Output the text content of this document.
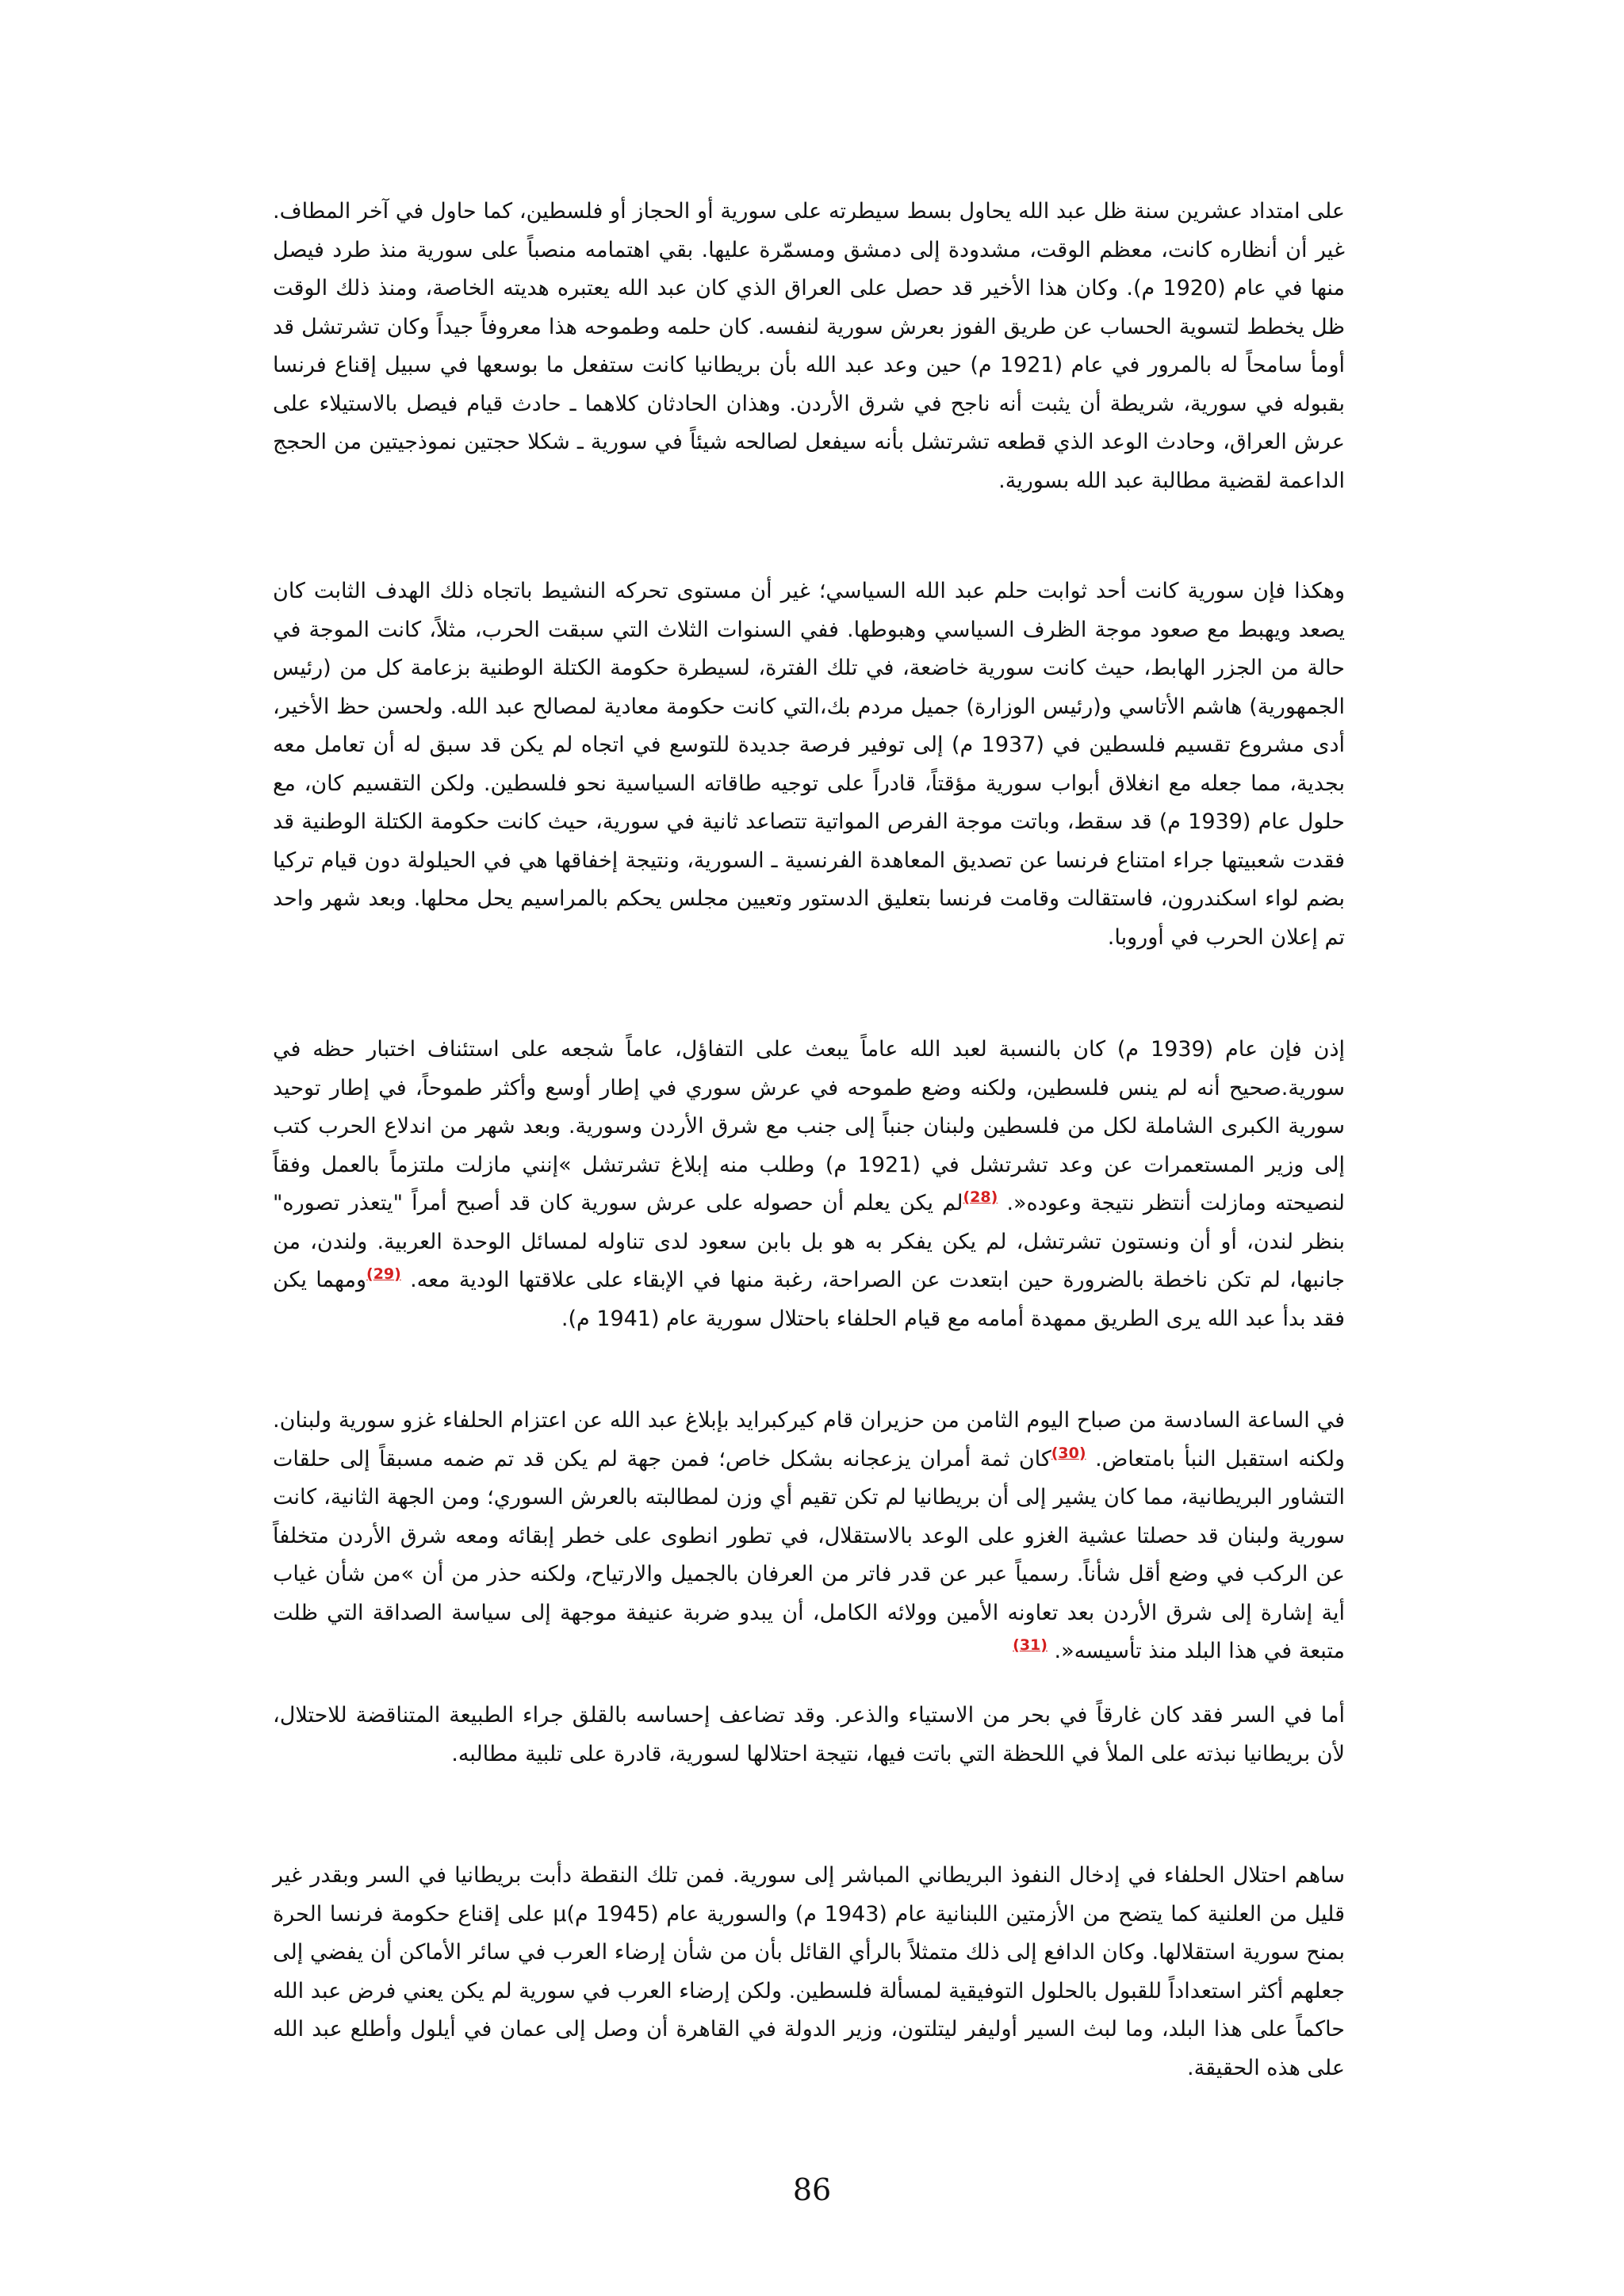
على امتداد عشرين سنة ظل عبد الله يحاول بسط سيطرته على سورية أو الحجاز أو فلسطين، كما حاول في آخر المطاف. غير أن أنظاره كانت، معظم الوقت، مشدودة إلى دمشق ومسمّرة عليها. بقي اهتمامه منصباً على سورية منذ طرد فيصل منها في عام (1920 م). وكان هذا الأخير قد حصل على العراق الذي كان عبد الله يعتبره هديته الخاصة، ومنذ ذلك الوقت ظل يخطط لتسوية الحساب عن طريق الفوز بعرش سورية لنفسه. كان حلمه وطموحه هذا معروفاً جيداً وكان تشرتشل قد أومأ سامحاً له بالمرور في عام (1921 م) حين وعد عبد الله بأن بريطانيا كانت ستفعل ما بوسعها في سبيل إقناع فرنسا بقبوله في سورية، شريطة أن يثبت أنه ناجح في شرق الأردن. وهذان الحادثان كلاهما ـ حادث قيام فيصل بالاستيلاء على عرش العراق، وحادث الوعد الذي قطعه تشرتشل بأنه سيفعل لصالحه شيئاً في سورية ـ شكلا حجتين نموذجيتين من الحجج الداعمة لقضية مطالبة عبد الله بسورية.
وهكذا فإن سورية كانت أحد ثوابت حلم عبد الله السياسي؛ غير أن مستوى تحركه النشيط باتجاه ذلك الهدف الثابت كان يصعد ويهبط مع صعود موجة الظرف السياسي وهبوطها. ففي السنوات الثلاث التي سبقت الحرب، مثلاً، كانت الموجة في حالة من الجزر الهابط، حيث كانت سورية خاضعة، في تلك الفترة، لسيطرة حكومة الكتلة الوطنية بزعامة كل من (رئيس الجمهورية) هاشم الأتاسي و(رئيس الوزارة) جميل مردم بك،التي كانت حكومة معادية لمصالح عبد الله. ولحسن حظ الأخير، أدى مشروع تقسيم فلسطين في (1937 م) إلى توفير فرصة جديدة للتوسع في اتجاه لم يكن قد سبق له أن تعامل معه بجدية، مما جعله مع انغلاق أبواب سورية مؤقتاً، قادراً على توجيه طاقاته السياسية نحو فلسطين. ولكن التقسيم كان، مع حلول عام (1939 م) قد سقط، وباتت موجة الفرص المواتية تتصاعد ثانية في سورية، حيث كانت حكومة الكتلة الوطنية قد فقدت شعبيتها جراء امتناع فرنسا عن تصديق المعاهدة الفرنسية ـ السورية، ونتيجة إخفاقها هي في الحيلولة دون قيام تركيا بضم لواء اسكندرون، فاستقالت وقامت فرنسا بتعليق الدستور وتعيين مجلس يحكم بالمراسيم يحل محلها. وبعد شهر واحد تم إعلان الحرب في أوروبا.
إذن فإن عام (1939 م) كان بالنسبة لعبد الله عاماً يبعث على التفاؤل، عاماً شجعه على استئناف اختبار حظه في سورية.صحيح أنه لم ينس فلسطين، ولكنه وضع طموحه في عرش سوري في إطار أوسع وأكثر طموحاً، في إطار توحيد سورية الكبرى الشاملة لكل من فلسطين ولبنان جنباً إلى جنب مع شرق الأردن وسورية. وبعد شهر من اندلاع الحرب كتب إلى وزير المستعمرات عن وعد تشرتشل في (1921 م) وطلب منه إبلاغ تشرتشل »إنني مازلت ملتزماً بالعمل وفقاً لنصيحته ومازلت أنتظر نتيجة وعوده«. $^{(28)}$لم يكن يعلم أن حصوله على عرش سورية كان قد أصبح أمراً "يتعذر تصوره" بنظر لندن، أو أن ونستون تشرتشل، لم يكن يفكر به هو بل بابن سعود لدى تناوله لمسائل الوحدة العربية. ولندن، من جانبها، لم تكن ناخطة بالضرورة حين ابتعدت عن الصراحة، رغبة منها في الإبقاء على علاقتها الودية معه. $^{(29)}$ومهما يكن فقد بدأ عبد الله يرى الطريق ممهدة أمامه مع قيام الحلفاء باحتلال سورية عام (1941 م).
في الساعة السادسة من صباح اليوم الثامن من حزيران قام كيركبرايد بإبلاغ عبد الله عن اعتزام الحلفاء غزو سورية ولبنان. ولكنه استقبل النبأ بامتعاض. $^{(30)}$كان ثمة أمران يزعجانه بشكل خاص؛ فمن جهة لم يكن قد تم ضمه مسبقاً إلى حلقات التشاور البريطانية، مما كان يشير إلى أن بريطانيا لم تكن تقيم أي وزن لمطالبته بالعرش السوري؛ ومن الجهة الثانية، كانت سورية ولبنان قد حصلتا عشية الغزو على الوعد بالاستقلال، في تطور انطوى على خطر إبقائه ومعه شرق الأردن متخلفاً عن الركب في وضع أقل شأناً. رسمياً عبر عن قدر فاتر من العرفان بالجميل والارتياح، ولكنه حذر من أن »من شأن غياب أية إشارة إلى شرق الأردن بعد تعاونه الأمين وولائه الكامل، أن يبدو ضربة عنيفة موجهة إلى سياسة الصداقة التي ظلت متبعة في هذا البلد منذ تأسيسه«. $^{(31)}$
أما في السر فقد كان غارقاً في بحر من الاستياء والذعر. وقد تضاعف إحساسه بالقلق جراء الطبيعة المتناقضة للاحتلال، لأن بريطانيا نبذته على الملأ في اللحظة التي باتت فيها، نتيجة احتلالها لسورية، قادرة على تلبية مطالبه.
ساهم احتلال الحلفاء في إدخال النفوذ البريطاني المباشر إلى سورية. فمن تلك النقطة دأبت بريطانيا في السر وبقدر غير قليل من العلنية كما يتضح من الأزمتين اللبنانية عام (1943 م) والسورية عام (1945 م)µ على إقناع حكومة فرنسا الحرة بمنح سورية استقلالها. وكان الدافع إلى ذلك متمثلاً بالرأي القائل بأن من شأن إرضاء العرب في سائر الأماكن أن يفضي إلى جعلهم أكثر استعداداً للقبول بالحلول التوفيقية لمسألة فلسطين. ولكن إرضاء العرب في سورية لم يكن يعني فرض عبد الله حاكماً على هذا البلد، وما لبث السير أوليفر ليتلتون، وزير الدولة في القاهرة أن وصل إلى عمان في أيلول وأطلع عبد الله على هذه الحقيقة.
86
